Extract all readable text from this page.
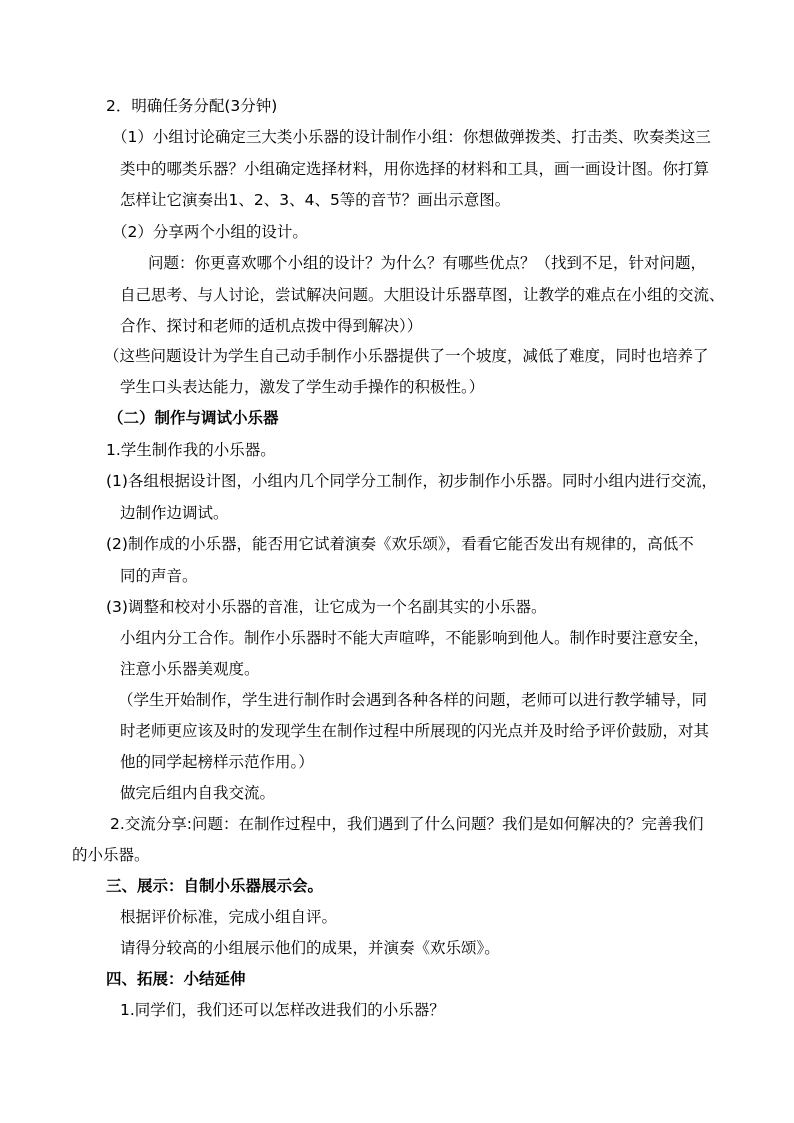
2．明确任务分配(3分钟)
（1）小组讨论确定三大类小乐器的设计制作小组：你想做弹拨类、打击类、吹奏类这三
类中的哪类乐器？小组确定选择材料，用你选择的材料和工具，画一画设计图。你打算
怎样让它演奏出1、2、3、4、5等的音节？画出示意图。
（2）分享两个小组的设计。
问题：你更喜欢哪个小组的设计？为什么？有哪些优点？（找到不足，针对问题，
自己思考、与人讨论，尝试解决问题。大胆设计乐器草图，让教学的难点在小组的交流、
合作、探讨和老师的适机点拨中得到解决））
（这些问题设计为学生自己动手制作小乐器提供了一个坡度，减低了难度，同时也培养了
学生口头表达能力，激发了学生动手操作的积极性。）
（二）制作与调试小乐器
1.学生制作我的小乐器。
(1)各组根据设计图，小组内几个同学分工制作，初步制作小乐器。同时小组内进行交流，
边制作边调试。
(2)制作成的小乐器，能否用它试着演奏《欢乐颂》，看看它能否发出有规律的，高低不
同的声音。
(3)调整和校对小乐器的音准，让它成为一个名副其实的小乐器。
小组内分工合作。制作小乐器时不能大声喧哗，不能影响到他人。制作时要注意安全，
注意小乐器美观度。
（学生开始制作，学生进行制作时会遇到各种各样的问题，老师可以进行教学辅导，同
时老师更应该及时的发现学生在制作过程中所展现的闪光点并及时给予评价鼓励，对其
他的同学起榜样示范作用。）
做完后组内自我交流。
2.交流分享:问题：在制作过程中，我们遇到了什么问题？我们是如何解决的？完善我们
的小乐器。
三、展示：自制小乐器展示会。
根据评价标准，完成小组自评。
请得分较高的小组展示他们的成果，并演奏《欢乐颂》。
四、拓展：小结延伸
1.同学们，我们还可以怎样改进我们的小乐器？
